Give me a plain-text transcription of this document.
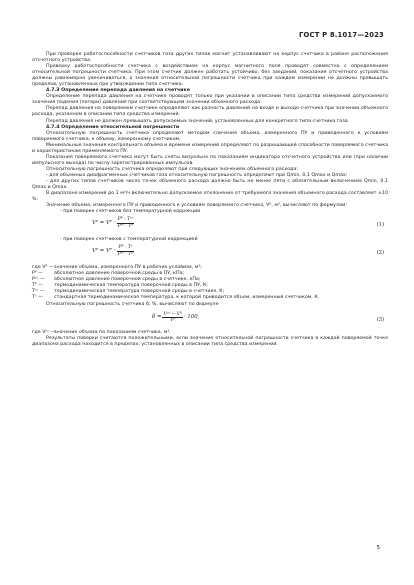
ГОСТ Р 8.1017—2023

При проверке работоспособности счетчиков газа других типов магнит устанавливают на корпус счетчика в районе расположения отсчетного устройства.

Проверку работоспособности счетчика с воздействием на корпус магнитного поля проводят совместно с определением относительной погрешности счетчика. При этом счетчик должен работать устойчиво, без заеданий, показания отсчетного устройства должны равномерно увеличиваться, а значения относительной погрешности счетчика при каждом измерении не должны превышать пределов, установленных при утверждении типа счетчика.

4.7.3 Определение перепада давления на счетчике

Определение перепада давления на счетчике проводят только при указании в описании типа средства измерений допускаемого значения падения (потери) давления при соответствующем значении объемного расхода.

Перепад давления на поверяемом счетчике определяют как разность давлений на входе и выходе счетчика при значении объемного расхода, указанном в описании типа средства измерений.

Перепад давления не должен превышать допускаемых значений, установленных для конкретного типа счетчика газа.

4.7.4 Определение относительной погрешности

Относительную погрешность счетчика определяют методом сличения объема, измеренного ПУ и приведенного к условиям поверяемого счетчика, к объему, измеренному счетчиком.

Минимальные значения контрольного объема и времени измерений определяют по разрешающей способности поверяемого счетчика и характеристикам применяемого ПУ.

Показания поверяемого счетчика могут быть сняты визуально по показаниям индикатора отсчетного устройства или (при наличии импульсного выхода) по числу зарегистрированных импульсов.

Относительную погрешность счетчика определяют при следующих значениях объемного расхода:

- для объемных диафрагменных счетчиков газа относительную погрешность определяют при Qmin, 0,1 Qmax и Qmax;

- для других типов счетчиков число точек объемного расхода должно быть не менее пяти с обязательным включением Qmin, 0,1 Qmax и Qmax.

В диапазоне измерений до 1 м³/ч включительно допускаемое отклонение от требуемого значения объемного расхода составляет ±10 %.

Значение объема, измеренного ПУ и приведенного к условиям поверяемого счетчика, V⁰, м³, вычисляют по формулам:

- при поверке счетчиков без температурной коррекции
V⁰ = Vᴾ · $\frac{\text{Pᴾ · Tᶜᶜ}}{\text{Pᶜᶜ · Tᴾ}}$	(1)
- при поверке счетчиков с температурной коррекцией
V⁰ = Vᴾ · $\frac{\text{Pᴾ · Tᶜ}}{\text{Pᶜᶜ · Tᴾ}}$	(2)
где Vᴾ — значение объема, измеренного ПУ в рабочих условиях, м³;
Pᴾ — абсолютное давление поверочной среды в ПУ, кПа;
Pᶜᶜ — абсолютное давление поверочной среды в счетчике, кПа;
Tᴾ — термодинамическая температура поверочной среды в ПУ, К;
Tᶜᶜ — термодинамическая температура поверочной среды в счетчике, К;
Tᶜ — стандартная термодинамическая температура, к которой приводится объем, измеренный счетчиком, К.

Относительную погрешность счетчика δ, %, вычисляют по формуле

$\delta = \frac{\text{Vᶜᶜ − V⁰}}{\text{V⁰}} \cdot 100$,	(3)
где Vᶜᶜ —
значение объема по показаниям счетчика, м³.

Результаты поверки считаются положительными, если значение относительной погрешности счетчика в каждой поверяемой точке диапазона расхода находится в пределах, установленных в описании типа средства измерений.

5
